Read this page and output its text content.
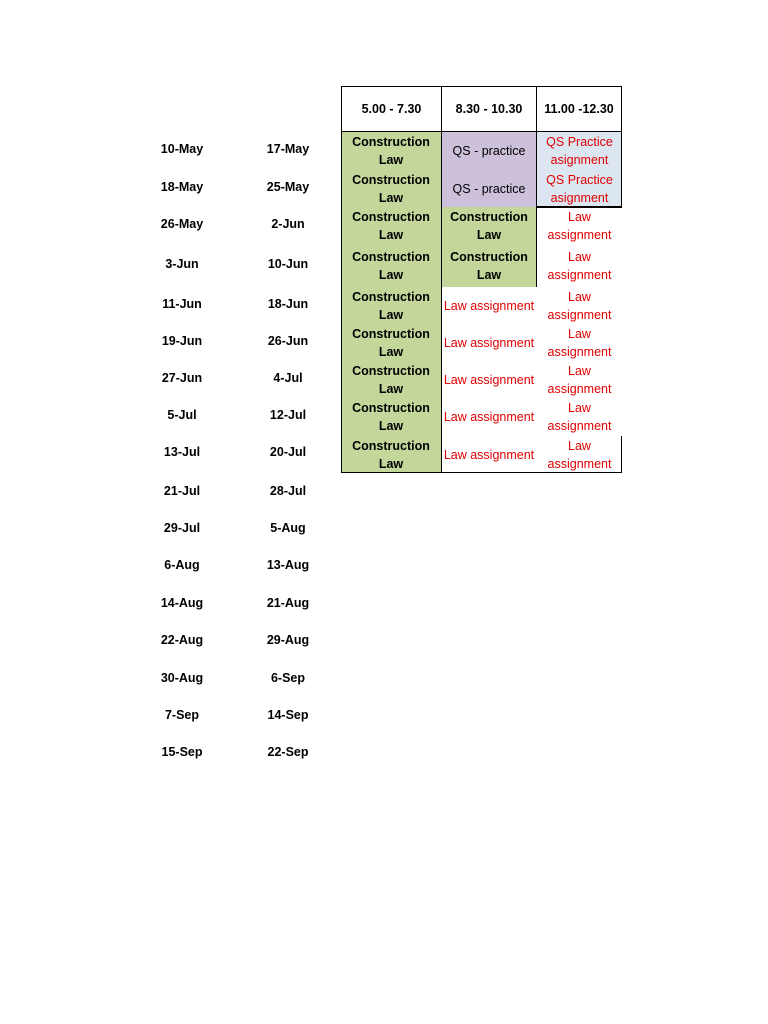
10-May
18-May
26-May
3-Jun
11-Jun
19-Jun
27-Jun
5-Jul
13-Jul
21-Jul
29-Jul
6-Aug
14-Aug
22-Aug
30-Aug
7-Sep
15-Sep
17-May
25-May
2-Jun
10-Jun
18-Jun
26-Jun
4-Jul
12-Jul
20-Jul
28-Jul
5-Aug
13-Aug
21-Aug
29-Aug
6-Sep
14-Sep
22-Sep
5.00 - 7.30	8.30 - 10.30	11.00 -12.30
Construction Law
Construction Law
Construction Law
Construction Law
Construction Law
Construction Law
Construction Law
Construction Law
Construction Law
QS - practice
QS - practice
Construction Law
Construction Law
Law assignment
Law assignment
Law assignment
Law assignment
Law assignment
QS Practice asignment
QS Practice asignment
Law assignment
Law assignment
Law assignment
Law assignment
Law assignment
Law assignment
Law assignment
